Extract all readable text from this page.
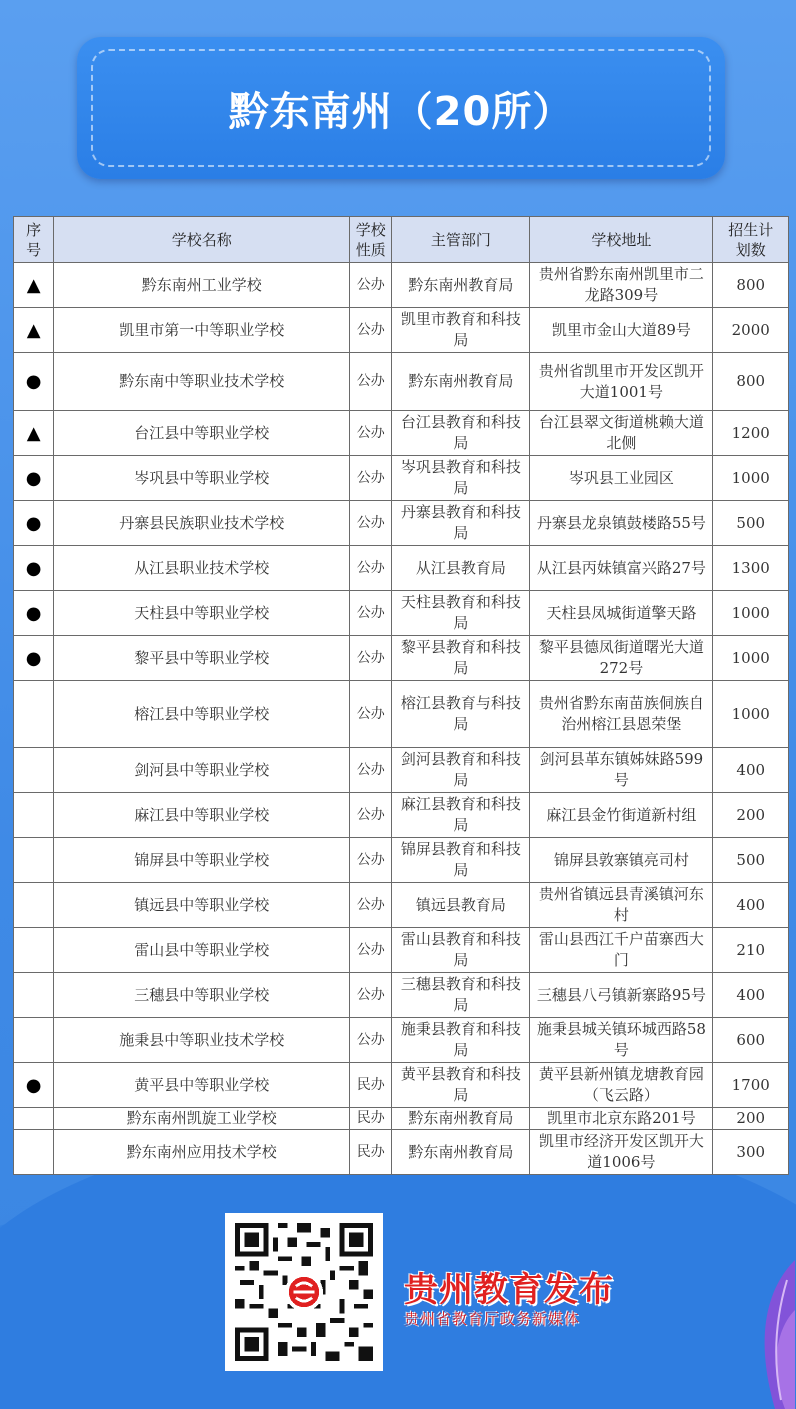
黔东南州（20所）
序号	学校名称	学校性质	主管部门	学校地址	招生计划数
▲	黔东南州工业学校	公办	黔东南州教育局	贵州省黔东南州凯里市二龙路309号	800
▲	凯里市第一中等职业学校	公办	凯里市教育和科技局	凯里市金山大道89号	2000
●	黔东南中等职业技术学校	公办	黔东南州教育局	贵州省凯里市开发区凯开大道1001号	800
▲	台江县中等职业学校	公办	台江县教育和科技局	台江县翠文街道桃赖大道北侧	1200
●	岑巩县中等职业学校	公办	岑巩县教育和科技局	岑巩县工业园区	1000
●	丹寨县民族职业技术学校	公办	丹寨县教育和科技局	丹寨县龙泉镇鼓楼路55号	500
●	从江县职业技术学校	公办	从江县教育局	从江县丙妹镇富兴路27号	1300
●	天柱县中等职业学校	公办	天柱县教育和科技局	天柱县凤城街道擎天路	1000
●	黎平县中等职业学校	公办	黎平县教育和科技局	黎平县德凤街道曙光大道272号	1000
	榕江县中等职业学校	公办	榕江县教育与科技局	贵州省黔东南苗族侗族自治州榕江县恩荣堡	1000
	剑河县中等职业学校	公办	剑河县教育和科技局	剑河县革东镇姊妹路599号	400
	麻江县中等职业学校	公办	麻江县教育和科技局	麻江县金竹街道新村组	200
	锦屏县中等职业学校	公办	锦屏县教育和科技局	锦屏县敦寨镇亮司村	500
	镇远县中等职业学校	公办	镇远县教育局	贵州省镇远县青溪镇河东村	400
	雷山县中等职业学校	公办	雷山县教育和科技局	雷山县西江千户苗寨西大门	210
	三穗县中等职业学校	公办	三穗县教育和科技局	三穗县八弓镇新寨路95号	400
	施秉县中等职业技术学校	公办	施秉县教育和科技局	施秉县城关镇环城西路58号	600
●	黄平县中等职业学校	民办	黄平县教育和科技局	黄平县新州镇龙塘教育园（飞云路）	1700
	黔东南州凯旋工业学校	民办	黔东南州教育局	凯里市北京东路201号	200
	黔东南州应用技术学校	民办	黔东南州教育局	凯里市经济开发区凯开大道1006号	300
贵州教育发布
贵州省教育厅政务新媒体
